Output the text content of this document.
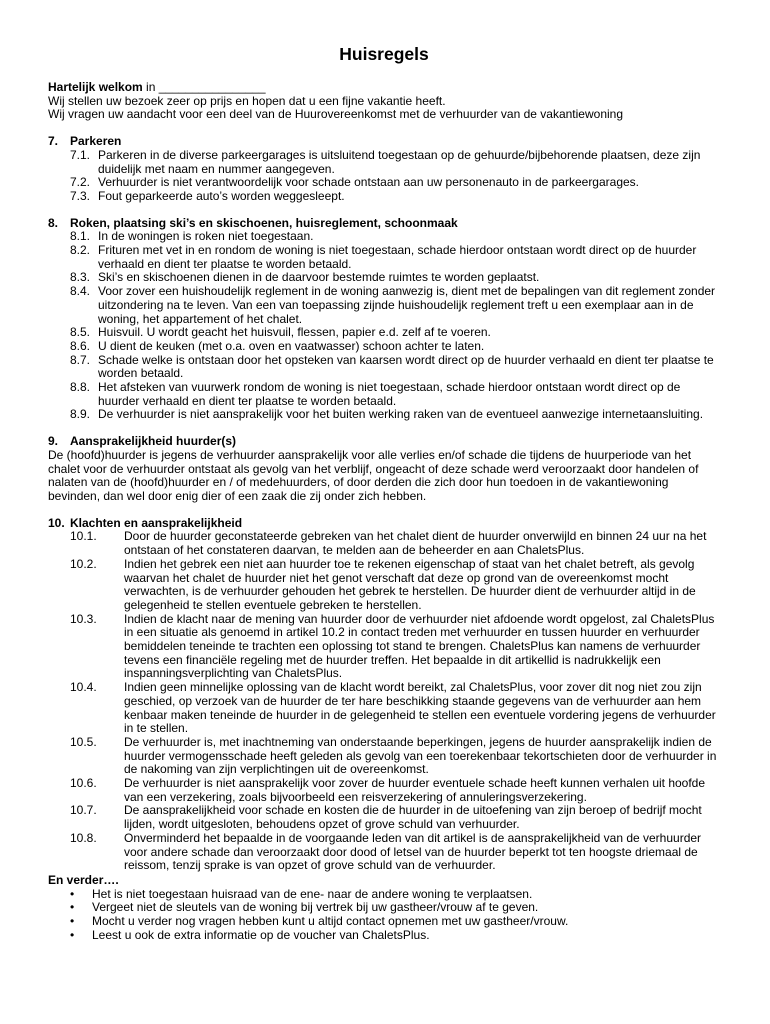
Huisregels

Hartelijk welkom in ________________

Wij stellen uw bezoek zeer op prijs en hopen dat u een fijne vakantie heeft.

Wij vragen uw aandacht voor een deel van de Huurovereenkomst met de verhuurder van de vakantiewoning

7. Parkeren
7.1. Parkeren in de diverse parkeergarages is uitsluitend toegestaan op de gehuurde/bijbehorende plaatsen, deze zijn duidelijk met naam en nummer aangegeven.
7.2. Verhuurder is niet verantwoordelijk voor schade ontstaan aan uw personenauto in de parkeergarages.
7.3. Fout geparkeerde auto’s worden weggesleept.
8. Roken, plaatsing ski’s en skischoenen, huisreglement, schoonmaak
8.1. In de woningen is roken niet toegestaan.
8.2. Frituren met vet in en rondom de woning is niet toegestaan, schade hierdoor ontstaan wordt direct op de huurder verhaald en dient ter plaatse te worden betaald.
8.3. Ski’s en skischoenen dienen in de daarvoor bestemde ruimtes te worden geplaatst.
8.4. Voor zover een huishoudelijk reglement in de woning aanwezig is, dient met de bepalingen van dit reglement zonder uitzondering na te leven. Van een van toepassing zijnde huishoudelijk reglement treft u een exemplaar aan in de woning, het appartement of het chalet.
8.5. Huisvuil. U wordt geacht het huisvuil, flessen, papier e.d. zelf af te voeren.
8.6. U dient de keuken (met o.a. oven en vaatwasser) schoon achter te laten.
8.7. Schade welke is ontstaan door het opsteken van kaarsen wordt direct op de huurder verhaald en dient ter plaatse te worden betaald.
8.8. Het afsteken van vuurwerk rondom de woning is niet toegestaan, schade hierdoor ontstaan wordt direct op de huurder verhaald en dient ter plaatse te worden betaald.
8.9. De verhuurder is niet aansprakelijk voor het buiten werking raken van de eventueel aanwezige internetaansluiting.
9. Aansprakelijkheid huurder(s)

De (hoofd)huurder is jegens de verhuurder aansprakelijk voor alle verlies en/of schade die tijdens de huurperiode van het chalet voor de verhuurder ontstaat als gevolg van het verblijf, ongeacht of deze schade werd veroorzaakt door handelen of nalaten van de (hoofd)huurder en / of medehuurders, of door derden die zich door hun toedoen in de vakantiewoning bevinden, dan wel door enig dier of een zaak die zij onder zich hebben.

10. Klachten en aansprakelijkheid
10.1.	Door de huurder geconstateerde gebreken van het chalet dient de huurder onverwijld en binnen 24 uur na het ontstaan of het constateren daarvan, te melden aan de beheerder en aan ChaletsPlus.
10.2.	Indien het gebrek een niet aan huurder toe te rekenen eigenschap of staat van het chalet betreft, als gevolg waarvan het chalet de huurder niet het genot verschaft dat deze op grond van de overeenkomst mocht verwachten, is de verhuurder gehouden het gebrek te herstellen. De huurder dient de verhuurder altijd in de gelegenheid te stellen eventuele gebreken te herstellen.
10.3.	Indien de klacht naar de mening van huurder door de verhuurder niet afdoende wordt opgelost, zal ChaletsPlus in een situatie als genoemd in artikel 10.2 in contact treden met verhuurder en tussen huurder en verhuurder bemiddelen teneinde te trachten een oplossing tot stand te brengen. ChaletsPlus kan namens de verhuurder tevens een financiële regeling met de huurder treffen. Het bepaalde in dit artikellid is nadrukkelijk een inspanningsverplichting van ChaletsPlus.
10.4.	Indien geen minnelijke oplossing van de klacht wordt bereikt, zal ChaletsPlus, voor zover dit nog niet zou zijn geschied, op verzoek van de huurder de ter hare beschikking staande gegevens van de verhuurder aan hem kenbaar maken teneinde de huurder in de gelegenheid te stellen een eventuele vordering jegens de verhuurder in te stellen.
10.5.	De verhuurder is, met inachtneming van onderstaande beperkingen, jegens de huurder aansprakelijk indien de huurder vermogensschade heeft geleden als gevolg van een toerekenbaar tekortschieten door de verhuurder in de nakoming van zijn verplichtingen uit de overeenkomst.
10.6.	De verhuurder is niet aansprakelijk voor zover de huurder eventuele schade heeft kunnen verhalen uit hoofde van een verzekering, zoals bijvoorbeeld een reisverzekering of annuleringsverzekering.
10.7.	De aansprakelijkheid voor schade en kosten die de huurder in de uitoefening van zijn beroep of bedrijf mocht lijden, wordt uitgesloten, behoudens opzet of grove schuld van verhuurder.
10.8.	Onverminderd het bepaalde in de voorgaande leden van dit artikel is de aansprakelijkheid van de verhuurder voor andere schade dan veroorzaakt door dood of letsel van de huurder beperkt tot ten hoogste driemaal de reissom, tenzij sprake is van opzet of grove schuld van de verhuurder.
En verder….
•	Het is niet toegestaan huisraad van de ene- naar de andere woning te verplaatsen.
•	Vergeet niet de sleutels van de woning bij vertrek bij uw gastheer/vrouw af te geven.
•	Mocht u verder nog vragen hebben kunt u altijd contact opnemen met uw gastheer/vrouw.
•	Leest u ook de extra informatie op de voucher van ChaletsPlus.
